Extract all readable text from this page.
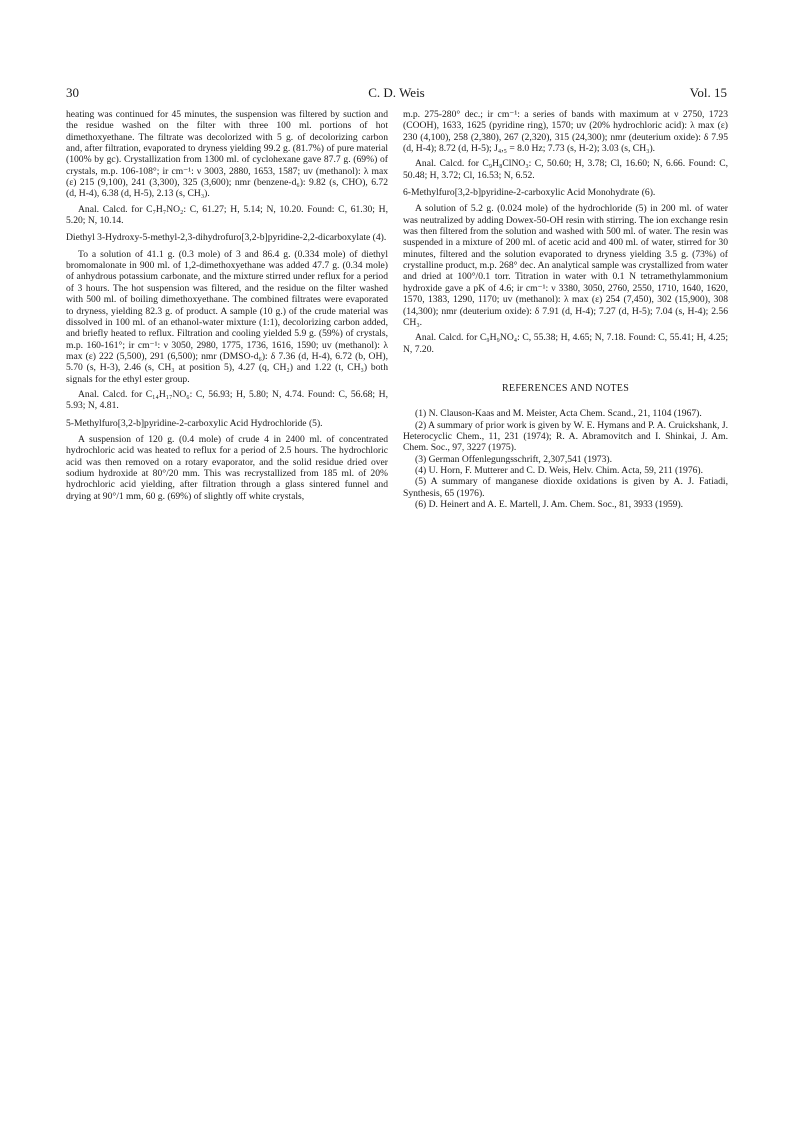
30	C. D. Weis	Vol. 15

heating was continued for 45 minutes, the suspension was filtered by suction and the residue washed on the filter with three 100 ml. portions of hot dimethoxyethane. The filtrate was decolorized with 5 g. of decolorizing carbon and, after filtration, evaporated to dryness yielding 99.2 g. (81.7%) of pure material (100% by gc). Crystallization from 1300 ml. of cyclohexane gave 87.7 g. (69%) of crystals, m.p. 106-108°; ir cm⁻¹: ν 3003, 2880, 1653, 1587; uv (methanol): λ max (ε) 215 (9,100), 241 (3,300), 325 (3,600); nmr (benzene-d₆): 9.82 (s, CHO), 6.72 (d, H-4), 6.38 (d, H-5), 2.13 (s, CH₃).

Anal. Calcd. for C₇H₇NO₂: C, 61.27; H, 5.14; N, 10.20. Found: C, 61.30; H, 5.20; N, 10.14.

Diethyl 3-Hydroxy-5-methyl-2,3-dihydrofuro[3,2-b]pyridine-2,2-dicarboxylate (4).

To a solution of 41.1 g. (0.3 mole) of 3 and 86.4 g. (0.334 mole) of diethyl bromomalonate in 900 ml. of 1,2-dimethoxyethane was added 47.7 g. (0.34 mole) of anhydrous potassium carbonate, and the mixture stirred under reflux for a period of 3 hours. The hot suspension was filtered, and the residue on the filter washed with 500 ml. of boiling dimethoxyethane. The combined filtrates were evaporated to dryness, yielding 82.3 g. of product. A sample (10 g.) of the crude material was dissolved in 100 ml. of an ethanol-water mixture (1:1), decolorizing carbon added, and briefly heated to reflux. Filtration and cooling yielded 5.9 g. (59%) of crystals, m.p. 160-161°; ir cm⁻¹: ν 3050, 2980, 1775, 1736, 1616, 1590; uv (methanol): λ max (ε) 222 (5,500), 291 (6,500); nmr (DMSO-d₆): δ 7.36 (d, H-4), 6.72 (b, OH), 5.70 (s, H-3), 2.46 (s, CH₃ at position 5), 4.27 (q, CH₂) and 1.22 (t, CH₃) both signals for the ethyl ester group.

Anal. Calcd. for C₁₄H₁₇NO₆: C, 56.93; H, 5.80; N, 4.74. Found: C, 56.68; H, 5.93; N, 4.81.

5-Methylfuro[3,2-b]pyridine-2-carboxylic Acid Hydrochloride (5).

A suspension of 120 g. (0.4 mole) of crude 4 in 2400 ml. of concentrated hydrochloric acid was heated to reflux for a period of 2.5 hours. The hydrochloric acid was then removed on a rotary evaporator, and the solid residue dried over sodium hydroxide at 80°/20 mm. This was recrystallized from 185 ml. of 20% hydrochloric acid yielding, after filtration through a glass sintered funnel and drying at 90°/1 mm, 60 g. (69%) of slightly off white crystals,

m.p. 275-280° dec.; ir cm⁻¹: a series of bands with maximum at ν 2750, 1723 (COOH), 1633, 1625 (pyridine ring), 1570; uv (20% hydrochloric acid): λ max (ε) 230 (4,100), 258 (2,380), 267 (2,320), 315 (24,300); nmr (deuterium oxide): δ 7.95 (d, H-4); 8.72 (d, H-5); J₄,₅ = 8.0 Hz; 7.73 (s, H-2); 3.03 (s, CH₃).

Anal. Calcd. for C₉H₈ClNO₃: C, 50.60; H, 3.78; Cl, 16.60; N, 6.66. Found: C, 50.48; H, 3.72; Cl, 16.53; N, 6.52.

6-Methylfuro[3,2-b]pyridine-2-carboxylic Acid Monohydrate (6).

A solution of 5.2 g. (0.024 mole) of the hydrochloride (5) in 200 ml. of water was neutralized by adding Dowex-50-OH resin with stirring. The ion exchange resin was then filtered from the solution and washed with 500 ml. of water. The resin was suspended in a mixture of 200 ml. of acetic acid and 400 ml. of water, stirred for 30 minutes, filtered and the solution evaporated to dryness yielding 3.5 g. (73%) of crystalline product, m.p. 268° dec. An analytical sample was crystallized from water and dried at 100°/0.1 torr. Titration in water with 0.1 N tetramethylammonium hydroxide gave a pK of 4.6; ir cm⁻¹: ν 3380, 3050, 2760, 2550, 1710, 1640, 1620, 1570, 1383, 1290, 1170; uv (methanol): λ max (ε) 254 (7,450), 302 (15,900), 308 (14,300); nmr (deuterium oxide): δ 7.91 (d, H-4); 7.27 (d, H-5); 7.04 (s, H-4); 2.56 CH₃.

Anal. Calcd. for C₉H₉NO₄: C, 55.38; H, 4.65; N, 7.18. Found: C, 55.41; H, 4.25; N, 7.20.

REFERENCES AND NOTES

(1) N. Clauson-Kaas and M. Meister, Acta Chem. Scand., 21, 1104 (1967).

(2) A summary of prior work is given by W. E. Hymans and P. A. Cruickshank, J. Heterocyclic Chem., 11, 231 (1974); R. A. Abramovitch and I. Shinkai, J. Am. Chem. Soc., 97, 3227 (1975).

(3) German Offenlegungsschrift, 2,307,541 (1973).

(4) U. Horn, F. Mutterer and C. D. Weis, Helv. Chim. Acta, 59, 211 (1976).

(5) A summary of manganese dioxide oxidations is given by A. J. Fatiadi, Synthesis, 65 (1976).

(6) D. Heinert and A. E. Martell, J. Am. Chem. Soc., 81, 3933 (1959).
